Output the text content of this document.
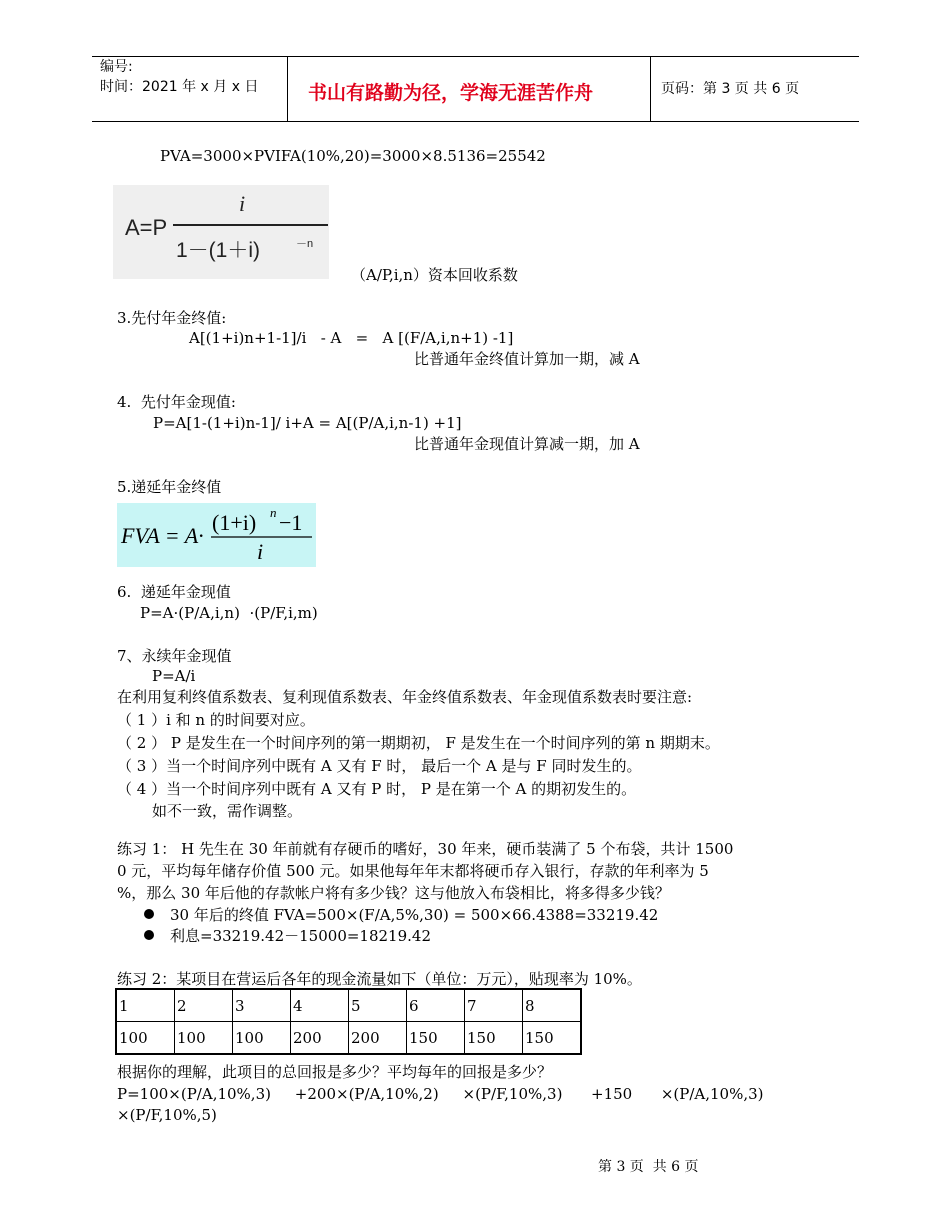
编号:
时间：2021 年 x 月 x 日	书山有路勤为径，学海无涯苦作舟	页码：第 3 页 共 6 页
PVA=3000×PVIFA(10%,20)=3000×8.5136=25542
A=P
i
1－(1＋i)	－n
（A/P,i,n）资本回收系数
3.先付年金终值:
A[(1+i)n+1-1]/i   - A   =   A [(F/A,i,n+1) -1]
比普通年金终值计算加一期，减 A
4.  先付年金现值:
P=A[1-(1+i)n-1]/ i+A = A[(P/A,i,n-1) +1]
比普通年金现值计算减一期，加 A
5.递延年金终值
FVA = A·
(1+i) n −1
i
6.  递延年金现值
P=A·(P/A,i,n)  ·(P/F,i,m)
7、永续年金现值
P=A/i
在利用复利终值系数表、复利现值系数表、年金终值系数表、年金现值系数表时要注意:
（ 1 ）i 和 n 的时间要对应。
（ 2 ） P 是发生在一个时间序列的第一期期初， F 是发生在一个时间序列的第 n 期期末。
（ 3 ）当一个时间序列中既有 A 又有 F 时， 最后一个 A 是与 F 同时发生的。
（ 4 ）当一个时间序列中既有 A 又有 P 时， P 是在第一个 A 的期初发生的。
如不一致，需作调整。
练习 1： H 先生在 30 年前就有存硬币的嗜好，30 年来，硬币装满了 5 个布袋，共计 1500
0 元，平均每年储存价值 500 元。如果他每年年末都将硬币存入银行，存款的年利率为 5
%，那么 30 年后他的存款帐户将有多少钱？这与他放入布袋相比，将多得多少钱？
30 年后的终值 FVA=500×(F/A,5%,30) = 500×66.4388=33219.42
利息=33219.42－15000=18219.42
练习 2：某项目在营运后各年的现金流量如下（单位：万元），贴现率为 10%。
1	2	3	4	5	6	7	8
100	100	100	200	200	150	150	150
根据你的理解，此项目的总回报是多少？平均每年的回报是多少？
P=100×(P/A,10%,3)     +200×(P/A,10%,2)     ×(P/F,10%,3)      +150      ×(P/A,10%,3)
×(P/F,10%,5)
第 3 页  共 6 页
